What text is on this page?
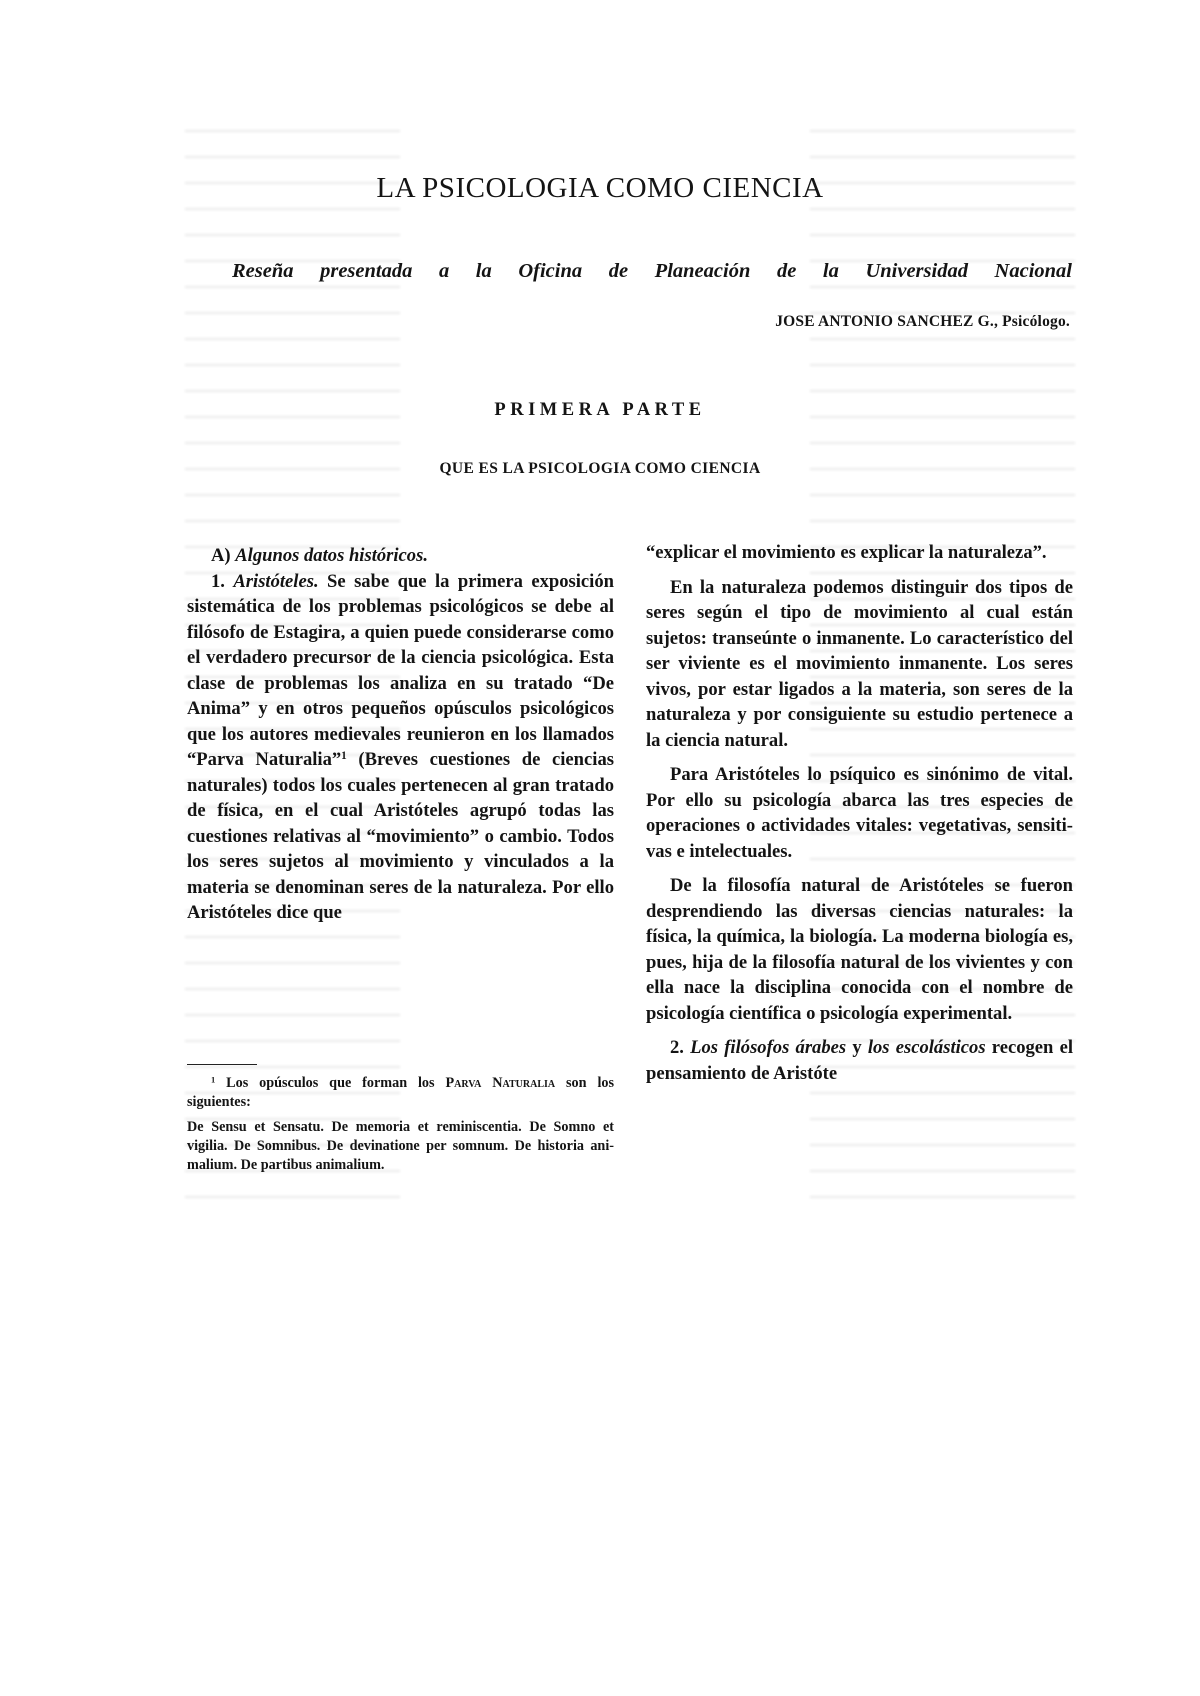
LA PSICOLOGIA COMO CIENCIA
Reseña presentada a la Oficina de Planeación de la Universidad Nacional
JOSE ANTONIO SANCHEZ G., Psicólogo.
PRIMERA PARTE
QUE ES LA PSICOLOGIA COMO CIENCIA

A) Algunos datos históricos.

1. Aristóteles. Se sabe que la primera exposición sistemática de los problemas psicológicos se debe al filósofo de Estagira, a quien puede considerarse como el verdadero precursor de la ciencia psicológica. Esta clase de problemas los analiza en su tratado “De Anima” y en otros pequeños opúsculos psicológicos que los autores medievales reunieron en los llamados “Parva Naturalia”$^1$ (Breves cuestiones de ciencias naturales) todos los cuales pertenecen al gran tratado de física, en el cual Aristóteles agrupó todas las cuestiones relativas al “movimiento” o cambio. Todos los seres sujetos al movimiento y vinculados a la materia se denominan seres de la naturaleza. Por ello Aristóteles dice que

$^1$ Los opúsculos que forman los Parva Naturalia son los siguientes:

De Sensu et Sensatu. De memoria et reminiscentia. De Somno et vigilia. De Somnibus. De devinatione per somnum. De historia animalium. De partibus animalium.

“explicar el movimiento es explicar la naturaleza”.

En la naturaleza podemos distinguir dos tipos de seres según el tipo de movimiento al cual están sujetos: transeúnte o inmanente. Lo característico del ser viviente es el movimiento inmanente. Los seres vivos, por estar ligados a la materia, son seres de la naturaleza y por consiguiente su estudio pertenece a la ciencia natural.

Para Aristóteles lo psíquico es sinónimo de vital. Por ello su psicología abarca las tres especies de operaciones o actividades vitales: vegetativas, sensitivas e intelectuales.

De la filosofía natural de Aristóteles se fueron desprendiendo las diversas ciencias naturales: la física, la química, la biología. La moderna biología es, pues, hija de la filosofía natural de los vivientes y con ella nace la disciplina conocida con el nombre de psicología científica o psicología experimental.

2. Los filósofos árabes y los escolásticos recogen el pensamiento de Aristóte
